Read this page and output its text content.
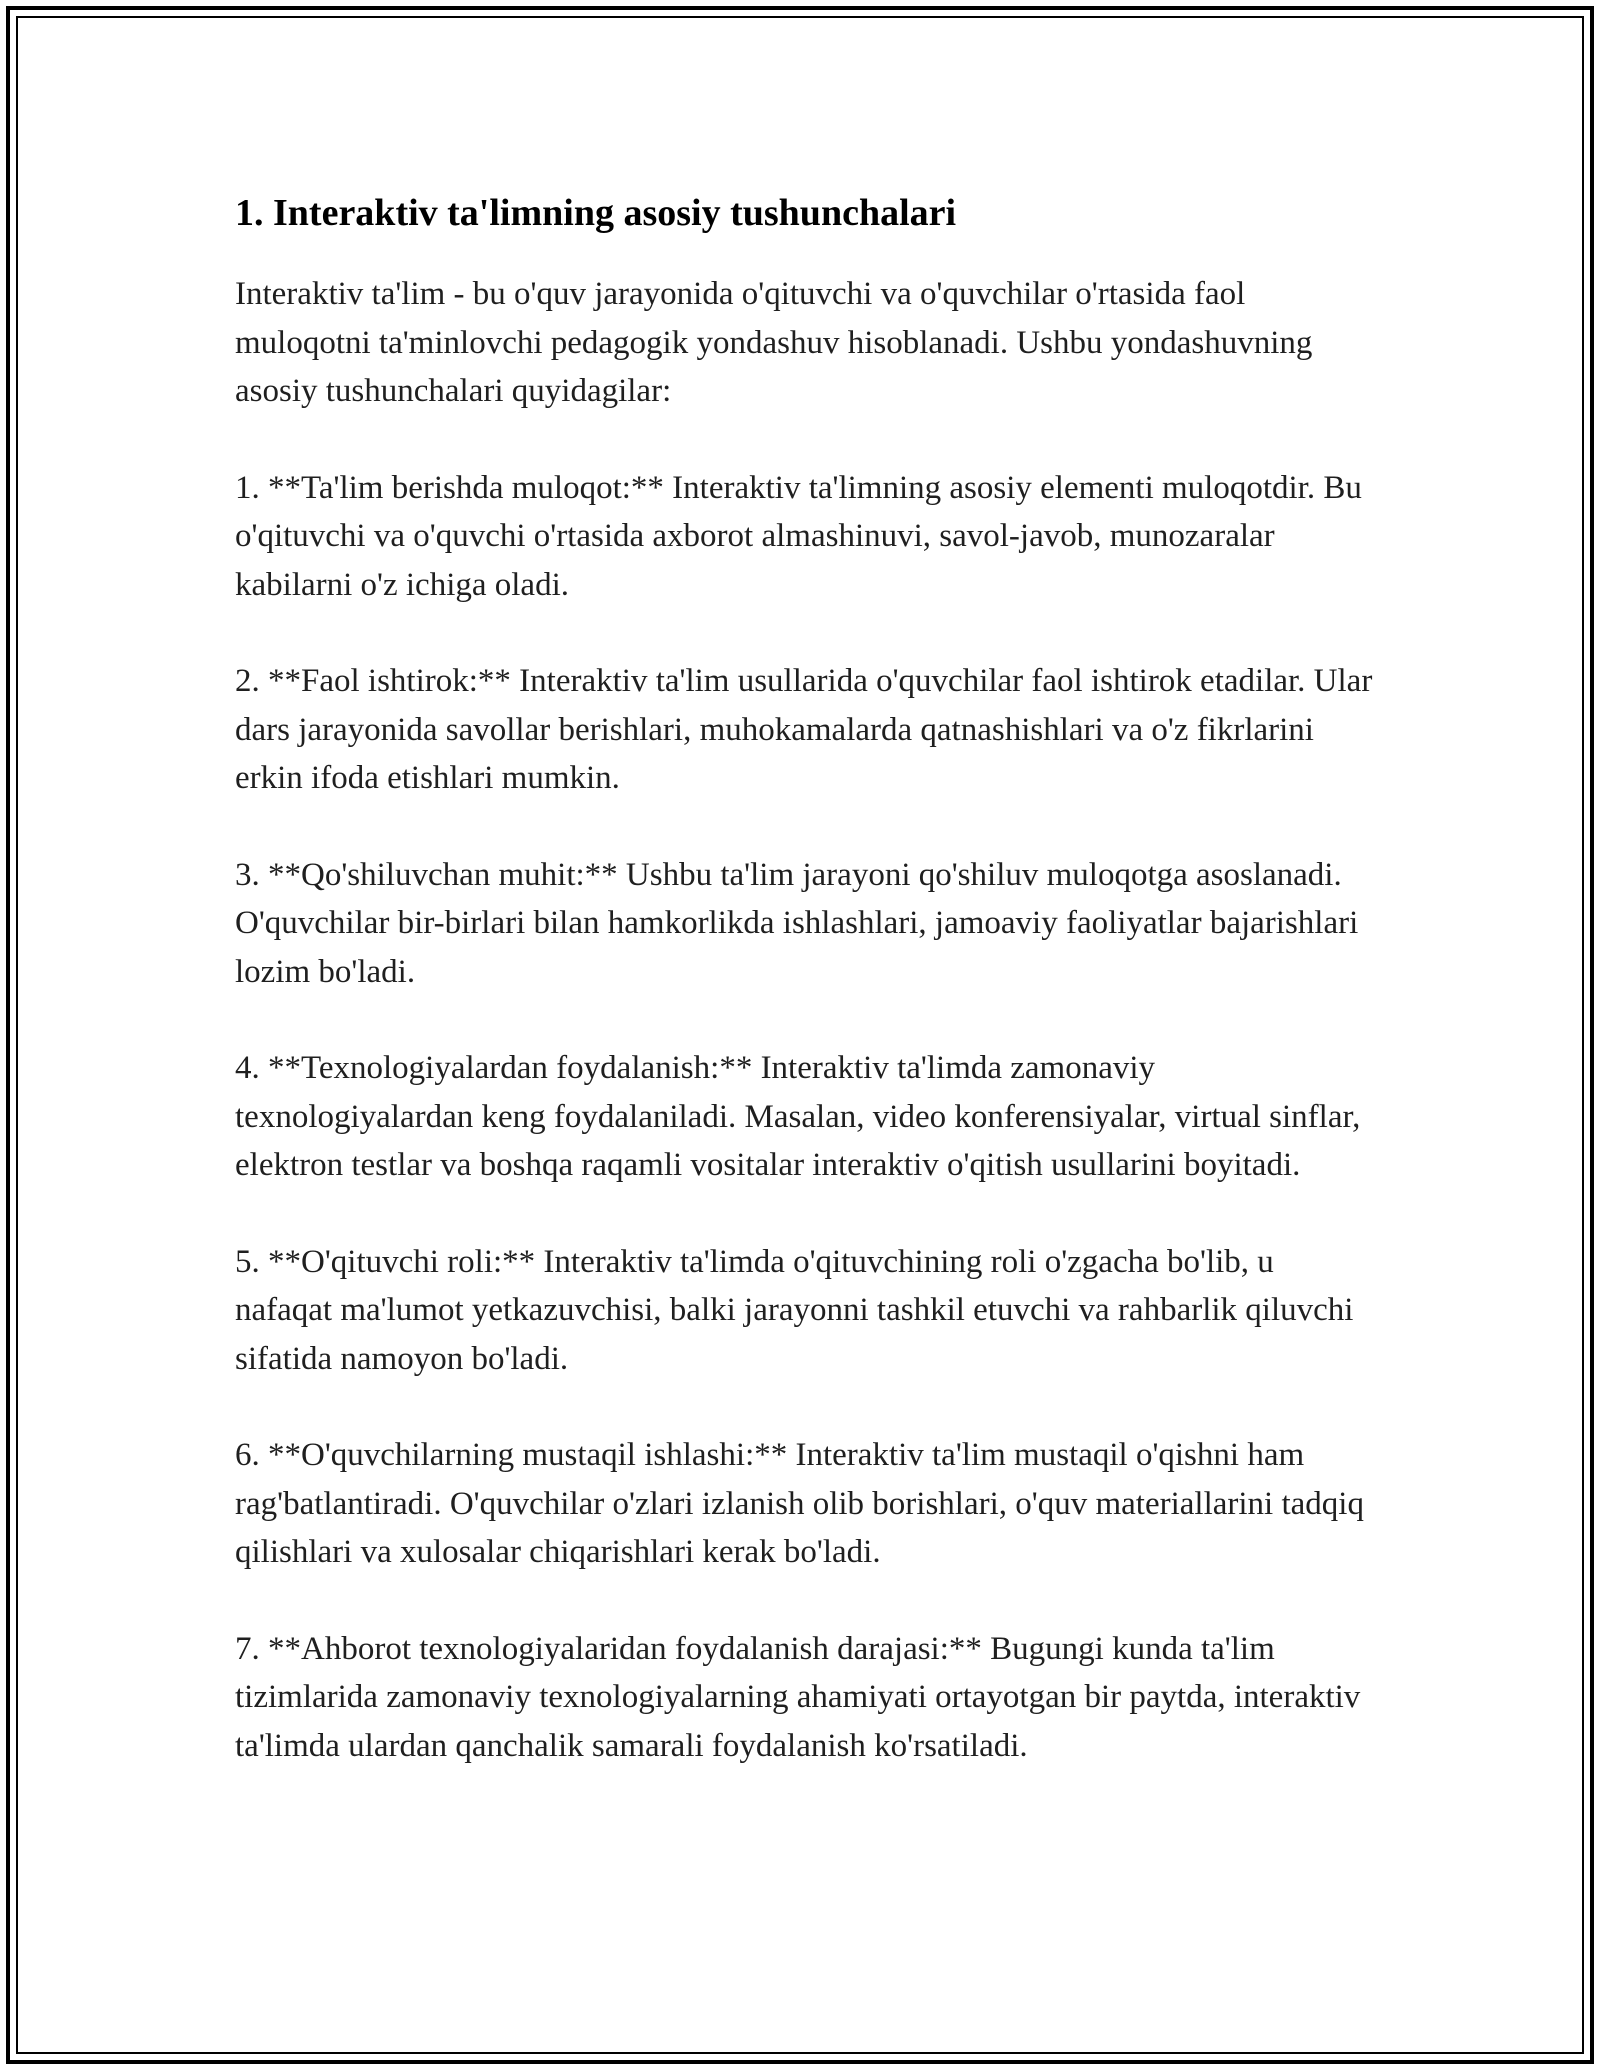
1. Interaktiv ta'limning asosiy tushunchalari

Interaktiv ta'lim - bu o'quv jarayonida o'qituvchi va o'quvchilar o'rtasida faol muloqotni ta'minlovchi pedagogik yondashuv hisoblanadi. Ushbu yondashuvning asosiy tushunchalari quyidagilar:

1. **Ta'lim berishda muloqot:** Interaktiv ta'limning asosiy elementi muloqotdir. Bu o'qituvchi va o'quvchi o'rtasida axborot almashinuvi, savol-javob, munozaralar kabilarni o'z ichiga oladi.

2. **Faol ishtirok:** Interaktiv ta'lim usullarida o'quvchilar faol ishtirok etadilar. Ular dars jarayonida savollar berishlari, muhokamalarda qatnashishlari va o'z fikrlarini erkin ifoda etishlari mumkin.

3. **Qo'shiluvchan muhit:** Ushbu ta'lim jarayoni qo'shiluv muloqotga asoslanadi. O'quvchilar bir-birlari bilan hamkorlikda ishlashlari, jamoaviy faoliyatlar bajarishlari lozim bo'ladi.

4. **Texnologiyalardan foydalanish:** Interaktiv ta'limda zamonaviy texnologiyalardan keng foydalaniladi. Masalan, video konferensiyalar, virtual sinflar, elektron testlar va boshqa raqamli vositalar interaktiv o'qitish usullarini boyitadi.

5. **O'qituvchi roli:** Interaktiv ta'limda o'qituvchining roli o'zgacha bo'lib, u nafaqat ma'lumot yetkazuvchisi, balki jarayonni tashkil etuvchi va rahbarlik qiluvchi sifatida namoyon bo'ladi.

6. **O'quvchilarning mustaqil ishlashi:** Interaktiv ta'lim mustaqil o'qishni ham rag'batlantiradi. O'quvchilar o'zlari izlanish olib borishlari, o'quv materiallarini tadqiq qilishlari va xulosalar chiqarishlari kerak bo'ladi.

7. **Ahborot texnologiyalaridan foydalanish darajasi:** Bugungi kunda ta'lim tizimlarida zamonaviy texnologiyalarning ahamiyati ortayotgan bir paytda, interaktiv ta'limda ulardan qanchalik samarali foydalanish ko'rsatiladi.
